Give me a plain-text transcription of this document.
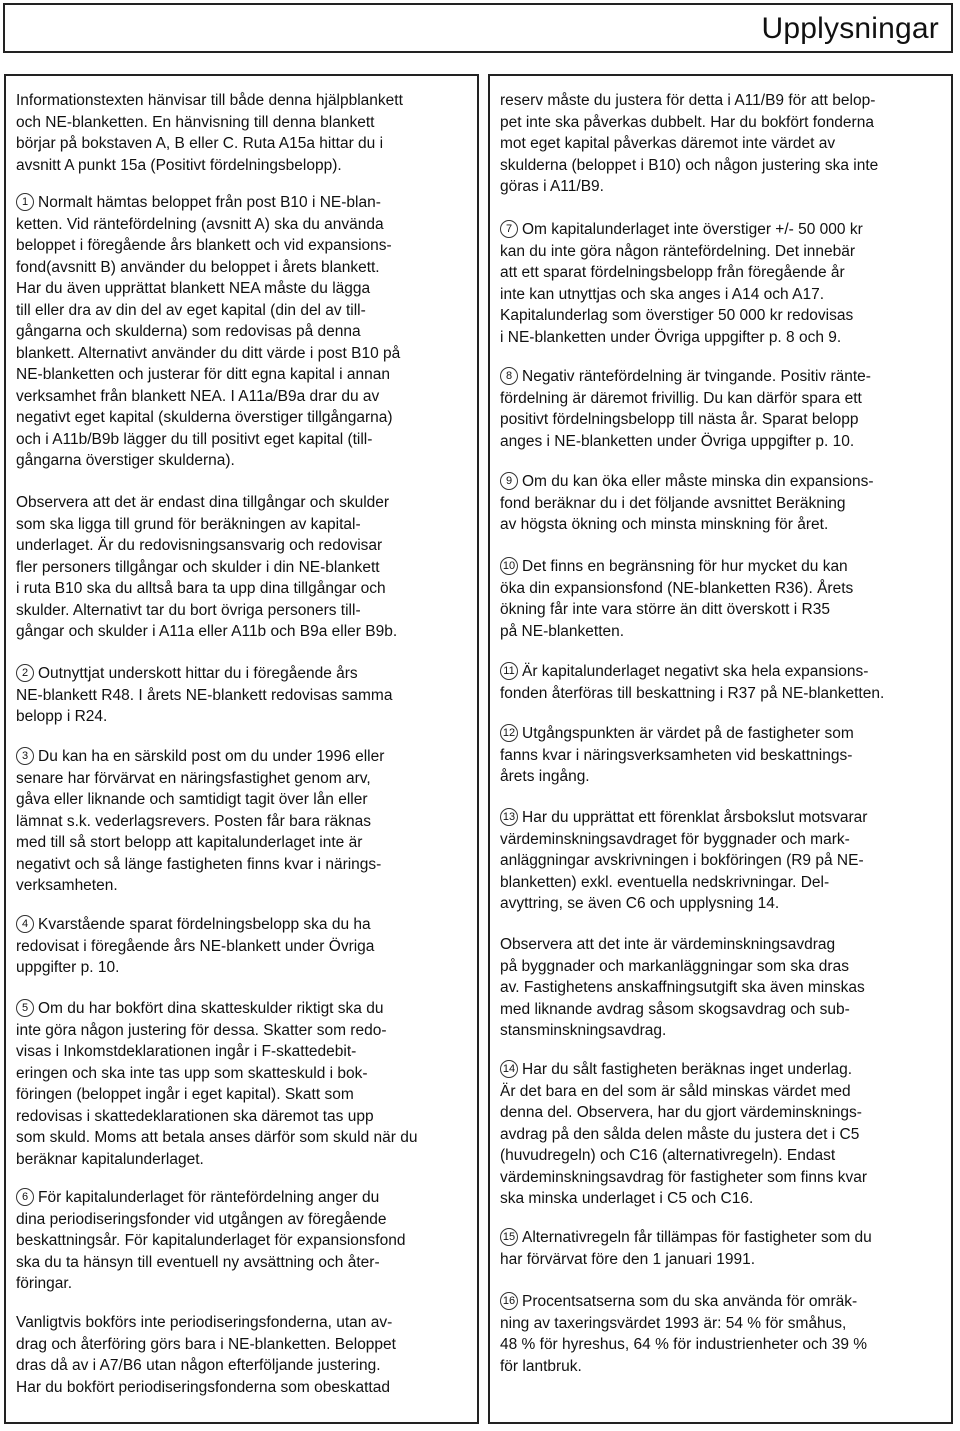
Upplysningar

Informationstexten hänvisar till både denna hjälpblankett
och NE-blanketten. En hänvisning till denna blankett
börjar på bokstaven A, B eller C. Ruta A15a hittar du i
avsnitt A punkt 15a (Positivt fördelningsbelopp).

1 Normalt hämtas beloppet från post B10 i NE-blan-
ketten. Vid räntefördelning (avsnitt A) ska du använda
beloppet i föregående års blankett och vid expansions-
fond(avsnitt B) använder du beloppet i årets blankett.
Har du även upprättat blankett NEA måste du lägga
till eller dra av din del av eget kapital (din del av till-
gångarna och skulderna) som redovisas på denna
blankett. Alternativt använder du ditt värde i post B10 på
NE-blanketten och justerar för ditt egna kapital i annan
verksamhet från blankett NEA. I A11a/B9a drar du av
negativt eget kapital (skulderna överstiger tillgångarna)
och i A11b/B9b lägger du till positivt eget kapital (till-
gångarna överstiger skulderna).

Observera att det är endast dina tillgångar och skulder
som ska ligga till grund för beräkningen av kapital-
underlaget. Är du redovisningsansvarig och redovisar
fler personers tillgångar och skulder i din NE-blankett
i ruta B10 ska du alltså bara ta upp dina tillgångar och
skulder. Alternativt tar du bort övriga personers till-
gångar och skulder i A11a eller A11b och B9a eller B9b.

2 Outnyttjat underskott hittar du i föregående års
NE-blankett R48. I årets NE-blankett redovisas samma
belopp i R24.
3 Du kan ha en särskild post om du under 1996 eller
senare har förvärvat en näringsfastighet genom arv,
gåva eller liknande och samtidigt tagit över lån eller
lämnat s.k. vederlagsrevers. Posten får bara räknas
med till så stort belopp att kapitalunderlaget inte är
negativt och så länge fastigheten finns kvar i närings-
verksamheten.
4 Kvarstående sparat fördelningsbelopp ska du ha
redovisat i föregående års NE-blankett under Övriga
uppgifter p. 10.
5 Om du har bokfört dina skatteskulder riktigt ska du
inte göra någon justering för dessa. Skatter som redo-
visas i Inkomstdeklarationen ingår i F-skattedebit-
eringen och ska inte tas upp som skatteskuld i bok-
föringen (beloppet ingår i eget kapital). Skatt som
redovisas i skattedeklarationen ska däremot tas upp
som skuld. Moms att betala anses därför som skuld när du
beräknar kapitalunderlaget.
6 För kapitalunderlaget för räntefördelning anger du
dina periodiseringsfonder vid utgången av föregående
beskattningsår. För kapitalunderlaget för expansionsfond
ska du ta hänsyn till eventuell ny avsättning och åter-
föringar.

Vanligtvis bokförs inte periodiseringsfonderna, utan av-
drag och återföring görs bara i NE-blanketten. Beloppet
dras då av i A7/B6 utan någon efterföljande justering.
Har du bokfört periodiseringsfonderna som obeskattad

reserv måste du justera för detta i A11/B9 för att belop-
pet inte ska påverkas dubbelt. Har du bokfört fonderna
mot eget kapital påverkas däremot inte värdet av
skulderna (beloppet i B10) och någon justering ska inte
göras i A11/B9.

7 Om kapitalunderlaget inte överstiger +/- 50 000 kr
kan du inte göra någon räntefördelning. Det innebär
att ett sparat fördelningsbelopp från föregående år
inte kan utnyttjas och ska anges i A14 och A17.
Kapitalunderlag som överstiger 50 000 kr redovisas
i NE-blanketten under Övriga uppgifter p. 8 och 9.
8 Negativ räntefördelning är tvingande. Positiv ränte-
fördelning är däremot frivillig. Du kan därför spara ett
positivt fördelningsbelopp till nästa år. Sparat belopp
anges i NE-blanketten under Övriga uppgifter p. 10.
9 Om du kan öka eller måste minska din expansions-
fond beräknar du i det följande avsnittet Beräkning
av högsta ökning och minsta minskning för året.
10 Det finns en begränsning för hur mycket du kan
öka din expansionsfond (NE-blanketten R36). Årets
ökning får inte vara större än ditt överskott i R35
på NE-blanketten.
11 Är kapitalunderlaget negativt ska hela expansions-
fonden återföras till beskattning i R37 på NE-blanketten.
12 Utgångspunkten är värdet på de fastigheter som
fanns kvar i näringsverksamheten vid beskattnings-
årets ingång.
13 Har du upprättat ett förenklat årsbokslut motsvarar
värdeminskningsavdraget för byggnader och mark-
anläggningar avskrivningen i bokföringen (R9 på NE-
blanketten) exkl. eventuella nedskrivningar. Del-
avyttring, se även C6 och upplysning 14.

Observera att det inte är värdeminskningsavdrag
på byggnader och markanläggningar som ska dras
av. Fastighetens anskaffningsutgift ska även minskas
med liknande avdrag såsom skogsavdrag och sub-
stansminskningsavdrag.

14 Har du sålt fastigheten beräknas inget underlag.
Är det bara en del som är såld minskas värdet med
denna del. Observera, har du gjort värdeminsknings-
avdrag på den sålda delen måste du justera det i C5
(huvudregeln) och C16 (alternativregeln). Endast
värdeminskningsavdrag för fastigheter som finns kvar
ska minska underlaget i C5 och C16.
15 Alternativregeln får tillämpas för fastigheter som du
har förvärvat före den 1 januari 1991.
16 Procentsatserna som du ska använda för omräk-
ning av taxeringsvärdet 1993 är: 54 % för småhus,
48 % för hyreshus, 64 % för industrienheter och 39 %
för lantbruk.
